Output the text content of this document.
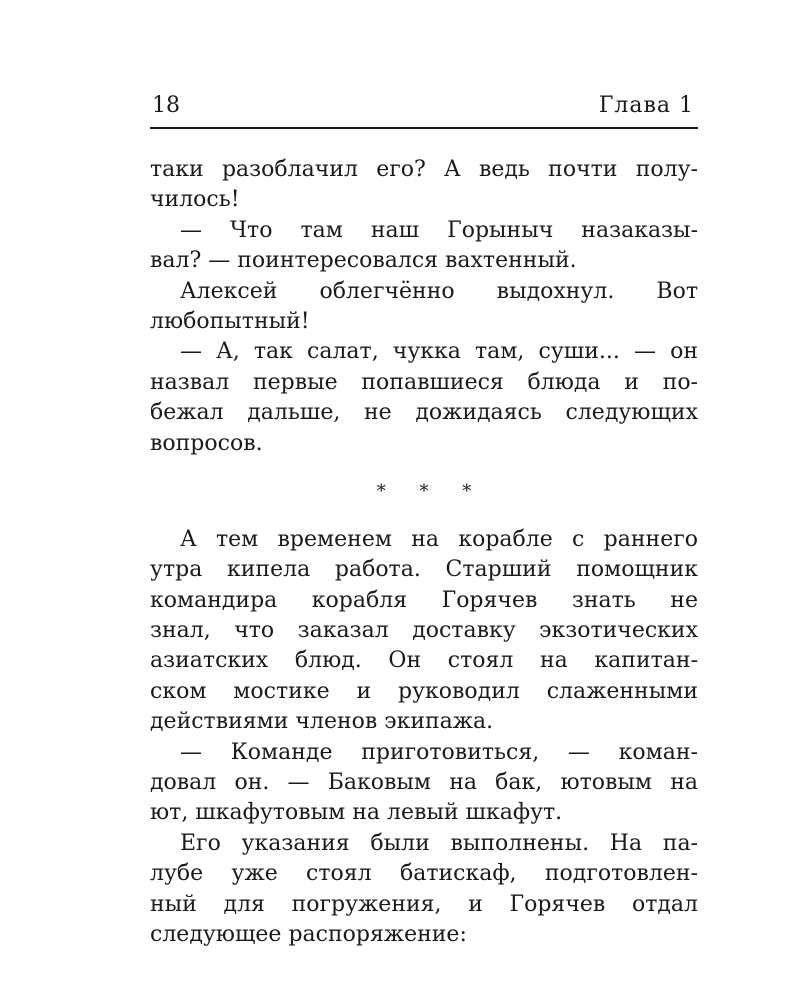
18	Глава 1
таки разоблачил его? А ведь почти полу-
чилось!
— Что там наш Горыныч назаказы-
вал? — поинтересовался вахтенный.
Алексей облегчённо выдохнул. Вот
любопытный!
— А, так салат, чукка там, суши... — он
назвал первые попавшиеся блюда и по-
бежал дальше, не дожидаясь следующих
вопросов.
* * *
А тем временем на корабле с раннего
утра кипела работа. Старший помощник
командира корабля Горячев знать не
знал, что заказал доставку экзотических
азиатских блюд. Он стоял на капитан-
ском мостике и руководил слаженными
действиями членов экипажа.
— Команде приготовиться, — коман-
довал он. — Баковым на бак, ютовым на
ют, шкафутовым на левый шкафут.
Его указания были выполнены. На па-
лубе уже стоял батискаф, подготовлен-
ный для погружения, и Горячев отдал
следующее распоряжение:
